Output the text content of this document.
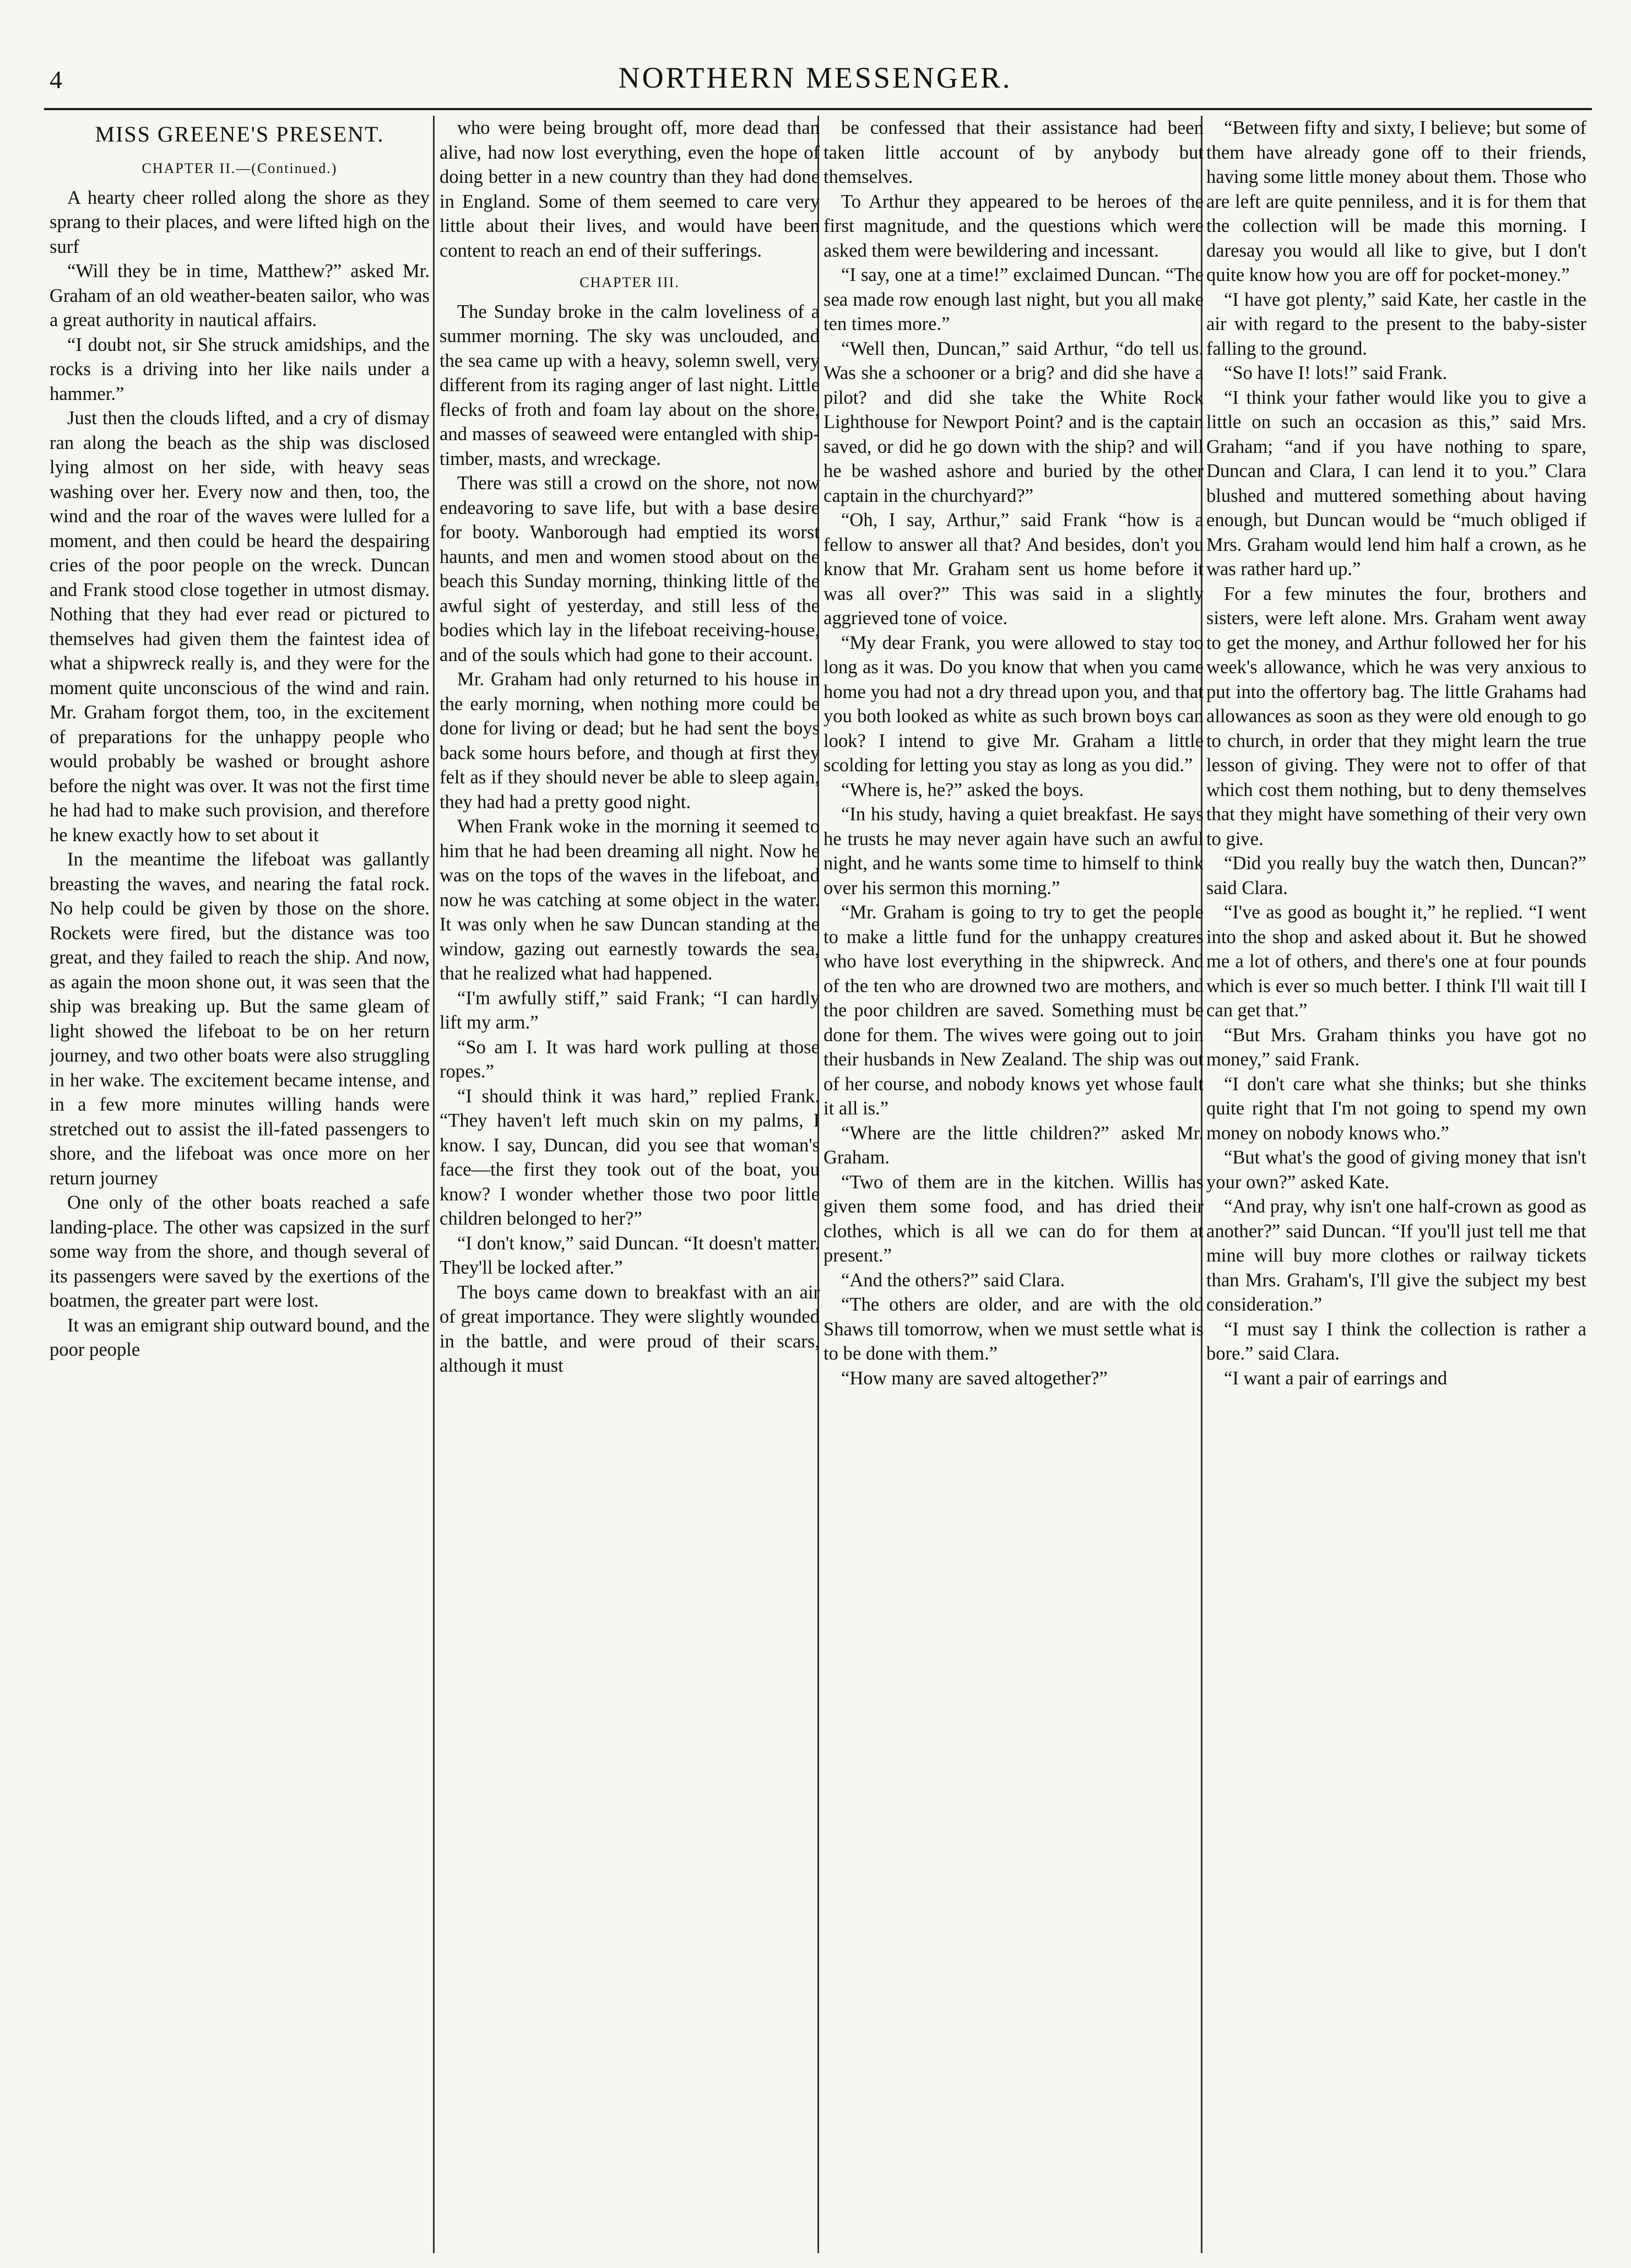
4	NORTHERN MESSENGER.
MISS GREENE'S PRESENT.
CHAPTER II.—(Continued.)

A hearty cheer rolled along the shore as they sprang to their places, and were lifted high on the surf

“Will they be in time, Matthew?” asked Mr. Graham of an old weather-beaten sailor, who was a great authority in nautical affairs.

“I doubt not, sir She struck amidships, and the rocks is a driving into her like nails under a hammer.”

Just then the clouds lifted, and a cry of dismay ran along the beach as the ship was disclosed lying almost on her side, with heavy seas washing over her. Every now and then, too, the wind and the roar of the waves were lulled for a moment, and then could be heard the despairing cries of the poor people on the wreck. Duncan and Frank stood close together in utmost dismay. Nothing that they had ever read or pictured to themselves had given them the faintest idea of what a shipwreck really is, and they were for the moment quite unconscious of the wind and rain. Mr. Graham forgot them, too, in the excitement of preparations for the unhappy people who would probably be washed or brought ashore before the night was over. It was not the first time he had had to make such provision, and therefore he knew exactly how to set about it

In the meantime the lifeboat was gallantly breasting the waves, and nearing the fatal rock. No help could be given by those on the shore. Rockets were fired, but the distance was too great, and they failed to reach the ship. And now, as again the moon shone out, it was seen that the ship was breaking up. But the same gleam of light showed the lifeboat to be on her return journey, and two other boats were also struggling in her wake. The excitement became intense, and in a few more minutes willing hands were stretched out to assist the ill-fated passengers to shore, and the lifeboat was once more on her return journey

One only of the other boats reached a safe landing-place. The other was capsized in the surf some way from the shore, and though several of its passengers were saved by the exertions of the boatmen, the greater part were lost.

It was an emigrant ship outward bound, and the poor people

who were being brought off, more dead than alive, had now lost everything, even the hope of doing better in a new country than they had done in England. Some of them seemed to care very little about their lives, and would have been content to reach an end of their sufferings.

CHAPTER III.

The Sunday broke in the calm loveliness of a summer morning. The sky was unclouded, and the sea came up with a heavy, solemn swell, very different from its raging anger of last night. Little flecks of froth and foam lay about on the shore, and masses of seaweed were entangled with ship-timber, masts, and wreckage.

There was still a crowd on the shore, not now endeavoring to save life, but with a base desire for booty. Wanborough had emptied its worst haunts, and men and women stood about on the beach this Sunday morning, thinking little of the awful sight of yesterday, and still less of the bodies which lay in the lifeboat receiving-house, and of the souls which had gone to their account.

Mr. Graham had only returned to his house in the early morning, when nothing more could be done for living or dead; but he had sent the boys back some hours before, and though at first they felt as if they should never be able to sleep again, they had had a pretty good night.

When Frank woke in the morning it seemed to him that he had been dreaming all night. Now he was on the tops of the waves in the lifeboat, and now he was catching at some object in the water. It was only when he saw Duncan standing at the window, gazing out earnestly towards the sea, that he realized what had happened.

“I'm awfully stiff,” said Frank; “I can hardly lift my arm.”

“So am I. It was hard work pulling at those ropes.”

“I should think it was hard,” replied Frank. “They haven't left much skin on my palms, I know. I say, Duncan, did you see that woman's face—the first they took out of the boat, you know? I wonder whether those two poor little children belonged to her?”

“I don't know,” said Duncan. “It doesn't matter. They'll be locked after.”

The boys came down to breakfast with an air of great importance. They were slightly wounded in the battle, and were proud of their scars, although it must

be confessed that their assistance had been taken little account of by anybody but themselves.

To Arthur they appeared to be heroes of the first magnitude, and the questions which were asked them were bewildering and incessant.

“I say, one at a time!” exclaimed Duncan. “The sea made row enough last night, but you all make ten times more.”

“Well then, Duncan,” said Arthur, “do tell us. Was she a schooner or a brig? and did she have a pilot? and did she take the White Rock Lighthouse for Newport Point? and is the captain saved, or did he go down with the ship? and will he be washed ashore and buried by the other captain in the churchyard?”

“Oh, I say, Arthur,” said Frank “how is a fellow to answer all that? And besides, don't you know that Mr. Graham sent us home before it was all over?” This was said in a slightly aggrieved tone of voice.

“My dear Frank, you were allowed to stay too long as it was. Do you know that when you came home you had not a dry thread upon you, and that you both looked as white as such brown boys can look? I intend to give Mr. Graham a little scolding for letting you stay as long as you did.”

“Where is, he?” asked the boys.

“In his study, having a quiet breakfast. He says he trusts he may never again have such an awful night, and he wants some time to himself to think over his sermon this morning.”

“Mr. Graham is going to try to get the people to make a little fund for the unhappy creatures who have lost everything in the shipwreck. And of the ten who are drowned two are mothers, and the poor children are saved. Something must be done for them. The wives were going out to join their husbands in New Zealand. The ship was out of her course, and nobody knows yet whose fault it all is.”

“Where are the little children?” asked Mr. Graham.

“Two of them are in the kitchen. Willis has given them some food, and has dried their clothes, which is all we can do for them at present.”

“And the others?” said Clara.

“The others are older, and are with the old Shaws till tomorrow, when we must settle what is to be done with them.”

“How many are saved altogether?”

“Between fifty and sixty, I believe; but some of them have already gone off to their friends, having some little money about them. Those who are left are quite penniless, and it is for them that the collection will be made this morning. I daresay you would all like to give, but I don't quite know how you are off for pocket-money.”

“I have got plenty,” said Kate, her castle in the air with regard to the present to the baby-sister falling to the ground.

“So have I! lots!” said Frank.

“I think your father would like you to give a little on such an occasion as this,” said Mrs. Graham; “and if you have nothing to spare, Duncan and Clara, I can lend it to you.” Clara blushed and muttered something about having enough, but Duncan would be “much obliged if Mrs. Graham would lend him half a crown, as he was rather hard up.”

For a few minutes the four, brothers and sisters, were left alone. Mrs. Graham went away to get the money, and Arthur followed her for his week's allowance, which he was very anxious to put into the offertory bag. The little Grahams had allowances as soon as they were old enough to go to church, in order that they might learn the true lesson of giving. They were not to offer of that which cost them nothing, but to deny themselves that they might have something of their very own to give.

“Did you really buy the watch then, Duncan?” said Clara.

“I've as good as bought it,” he replied. “I went into the shop and asked about it. But he showed me a lot of others, and there's one at four pounds which is ever so much better. I think I'll wait till I can get that.”

“But Mrs. Graham thinks you have got no money,” said Frank.

“I don't care what she thinks; but she thinks quite right that I'm not going to spend my own money on nobody knows who.”

“But what's the good of giving money that isn't your own?” asked Kate.

“And pray, why isn't one half-crown as good as another?” said Duncan. “If you'll just tell me that mine will buy more clothes or railway tickets than Mrs. Graham's, I'll give the subject my best consideration.”

“I must say I think the collection is rather a bore.” said Clara.

“I want a pair of earrings and
